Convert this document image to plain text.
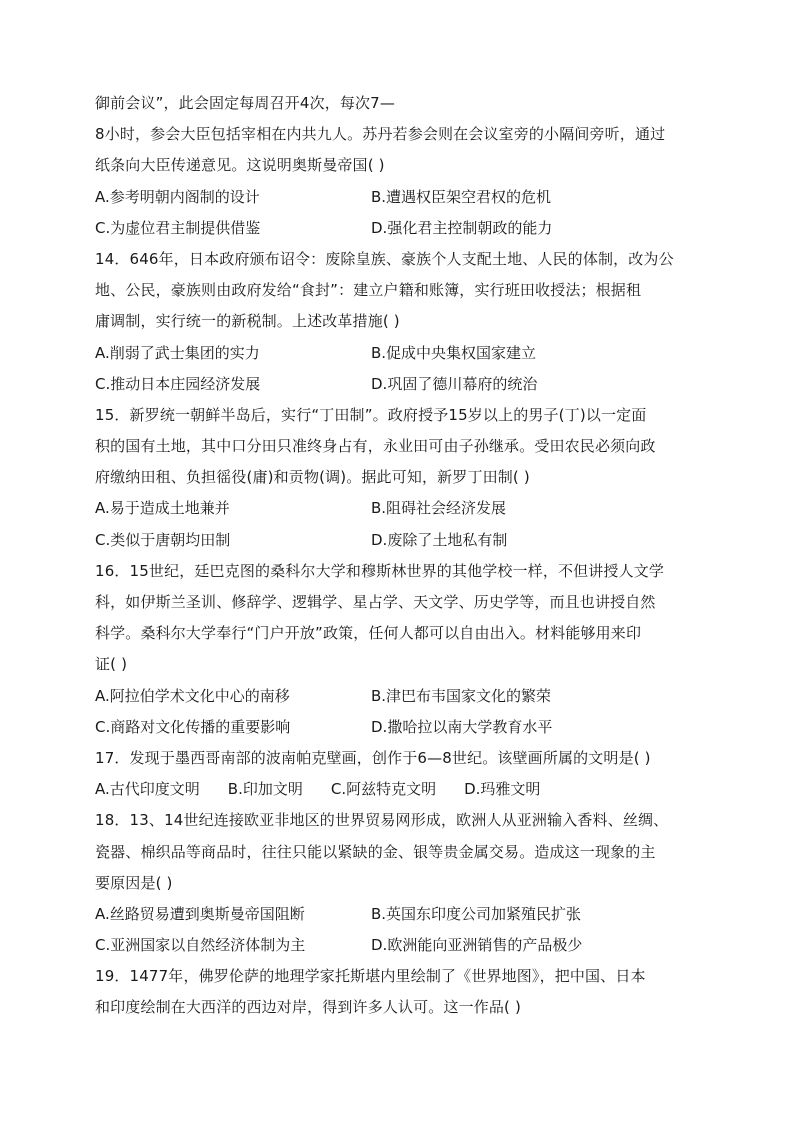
御前会议”，此会固定每周召开4次，每次7—
8小时，参会大臣包括宰相在内共九人。苏丹若参会则在会议室旁的小隔间旁听，通过
纸条向大臣传递意见。这说明奥斯曼帝国( )
A.参考明朝内阁制的设计	B.遭遇权臣架空君权的危机
C.为虚位君主制提供借鉴	D.强化君主控制朝政的能力
14．646年，日本政府颁布诏令：废除皇族、豪族个人支配土地、人民的体制，改为公
地、公民，豪族则由政府发给“食封”：建立户籍和账簿，实行班田收授法；根据租
庸调制，实行统一的新税制。上述改革措施( )
A.削弱了武士集团的实力	B.促成中央集权国家建立
C.推动日本庄园经济发展	D.巩固了德川幕府的统治
15．新罗统一朝鲜半岛后，实行“丁田制”。政府授予15岁以上的男子(丁)以一定面
积的国有土地，其中口分田只准终身占有，永业田可由子孙继承。受田农民必须向政
府缴纳田租、负担徭役(庸)和贡物(调)。据此可知，新罗丁田制( )
A.易于造成土地兼并	B.阻碍社会经济发展
C.类似于唐朝均田制	D.废除了土地私有制
16．15世纪，廷巴克图的桑科尔大学和穆斯林世界的其他学校一样，不但讲授人文学
科，如伊斯兰圣训、修辞学、逻辑学、星占学、天文学、历史学等，而且也讲授自然
科学。桑科尔大学奉行“门户开放”政策，任何人都可以自由出入。材料能够用来印
证( )
A.阿拉伯学术文化中心的南移	B.津巴布韦国家文化的繁荣
C.商路对文化传播的重要影响	D.撒哈拉以南大学教育水平
17．发现于墨西哥南部的波南帕克壁画，创作于6—8世纪。该壁画所属的文明是( )
A.古代印度文明 B.印加文明 C.阿兹特克文明 D.玛雅文明
18．13、14世纪连接欧亚非地区的世界贸易网形成，欧洲人从亚洲输入香料、丝绸、
瓷器、棉织品等商品时，往往只能以紧缺的金、银等贵金属交易。造成这一现象的主
要原因是( )
A.丝路贸易遭到奥斯曼帝国阻断	B.英国东印度公司加紧殖民扩张
C.亚洲国家以自然经济体制为主	D.欧洲能向亚洲销售的产品极少
19．1477年，佛罗伦萨的地理学家托斯堪内里绘制了《世界地图》，把中国、日本
和印度绘制在大西洋的西边对岸，得到许多人认可。这一作品( )
